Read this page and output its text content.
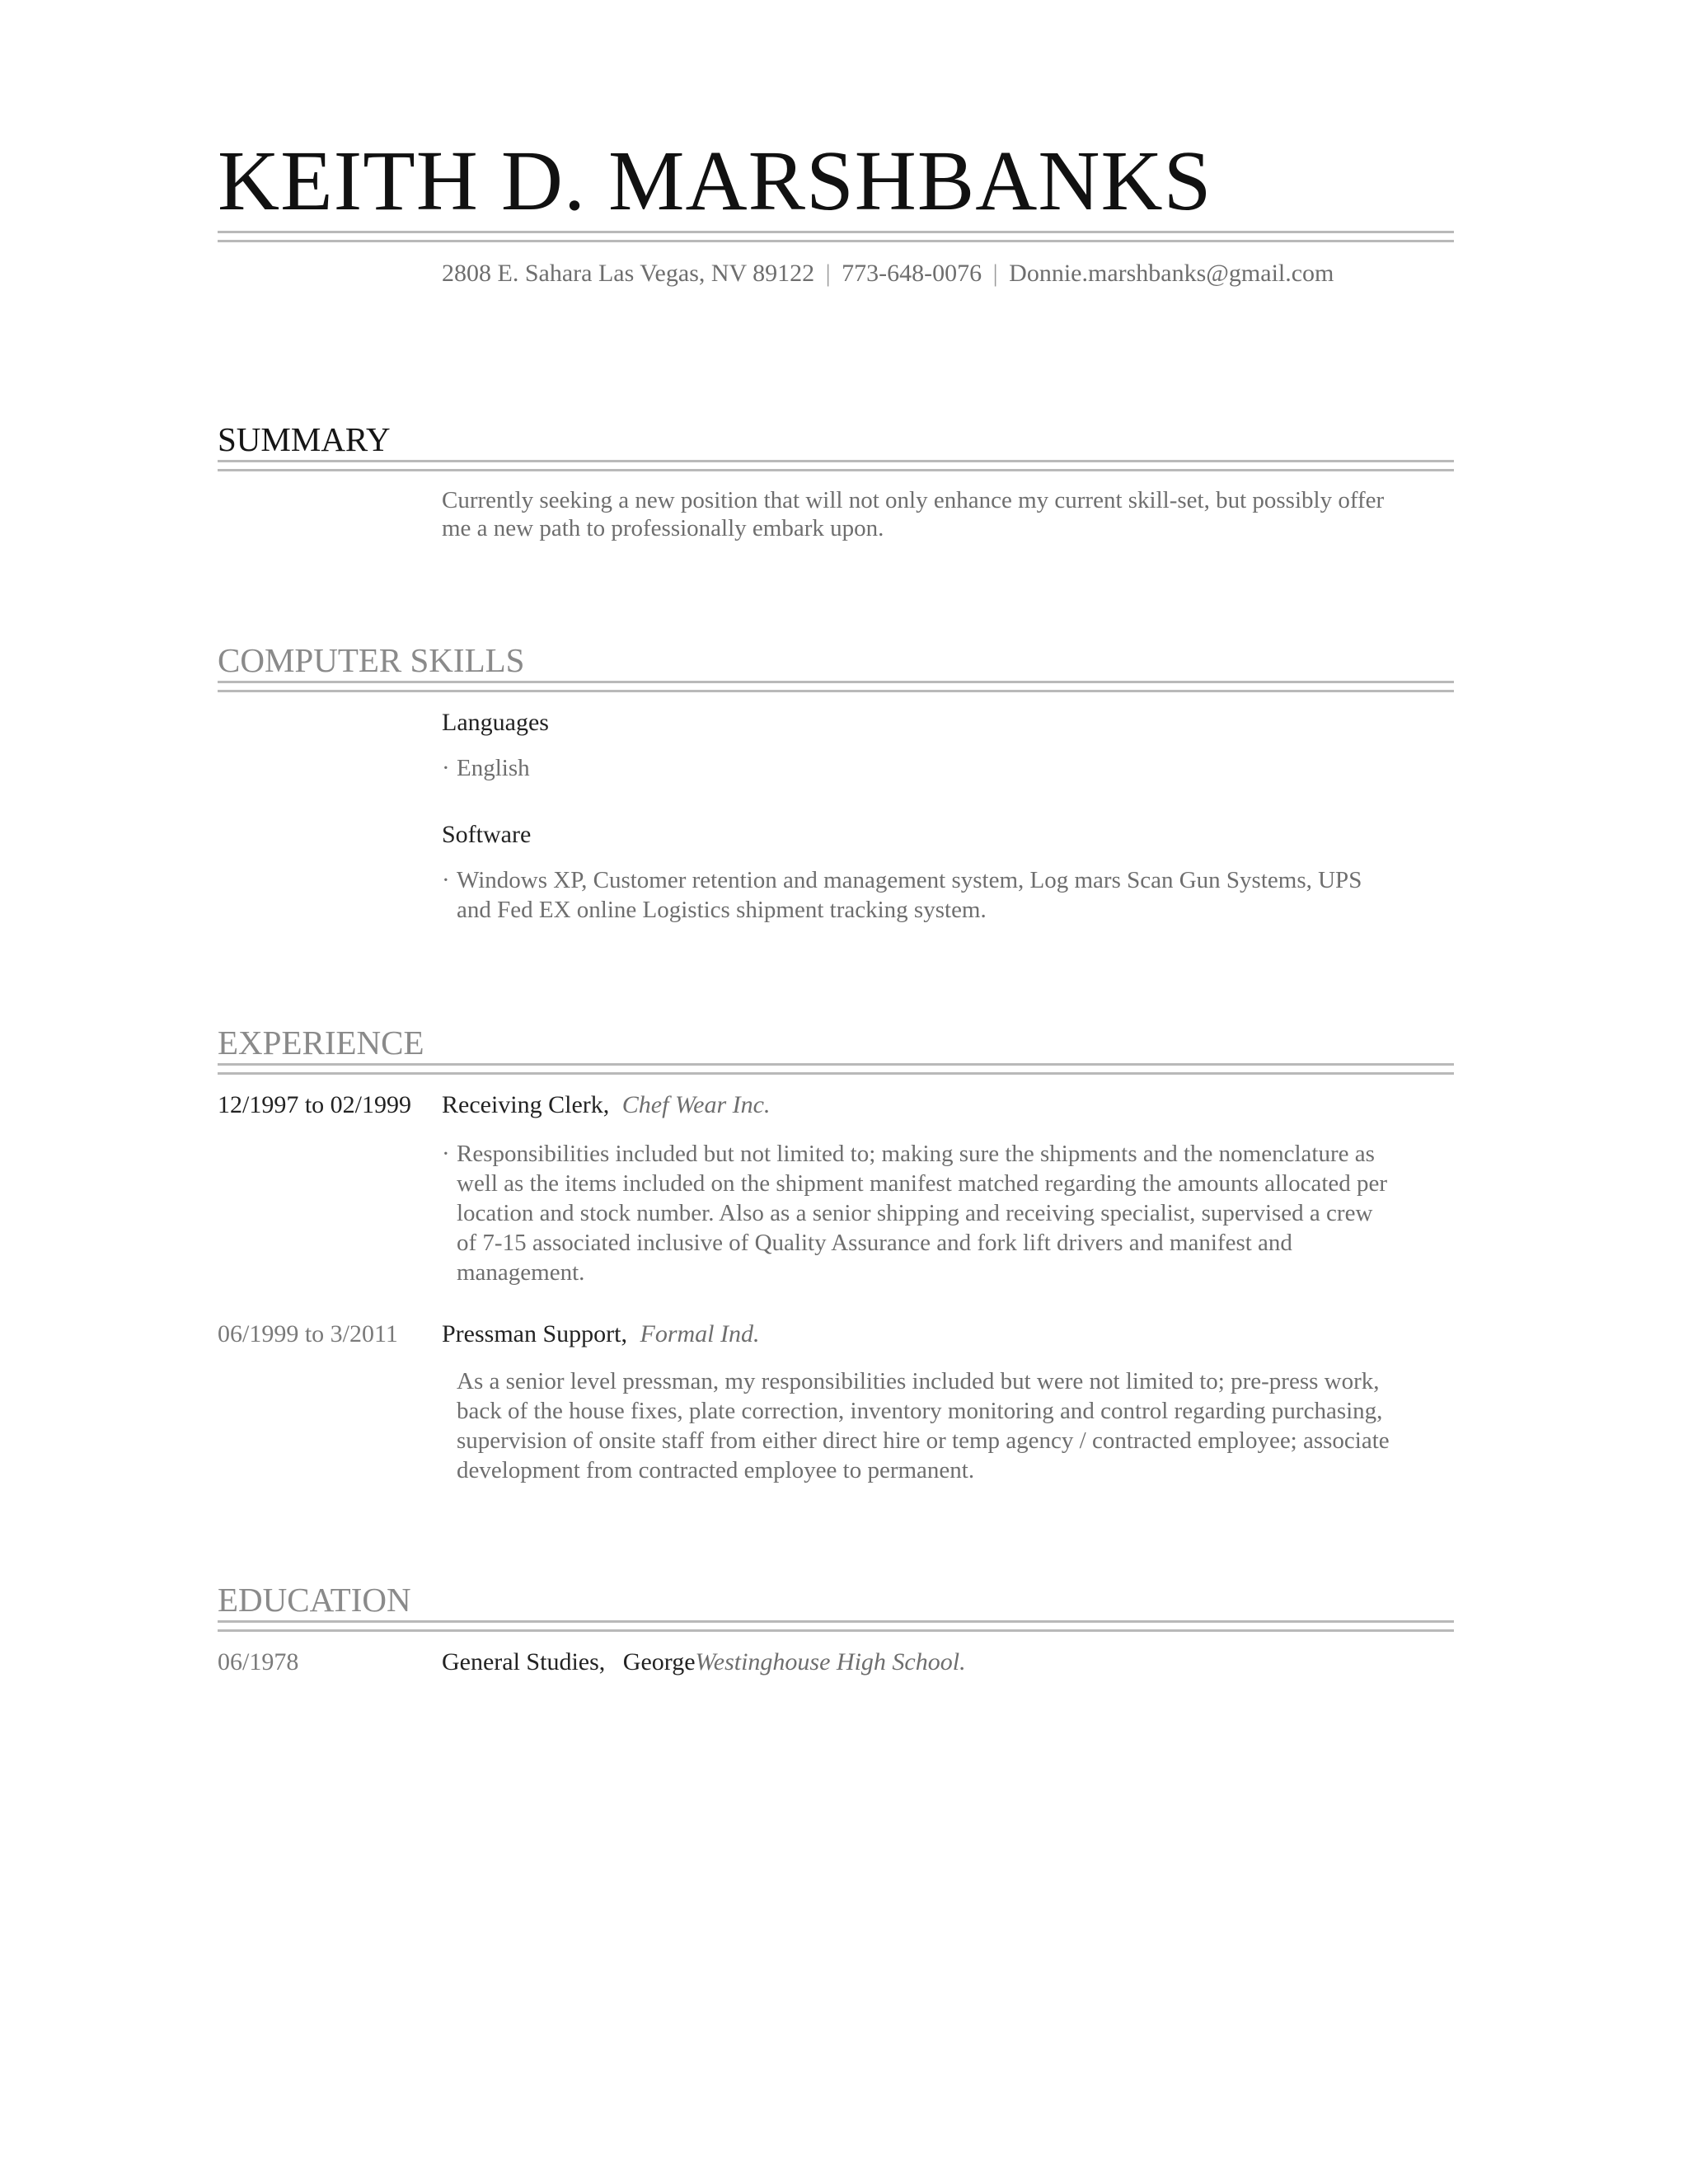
KEITH D. MARSHBANKS
2808 E. Sahara Las Vegas, NV 89122 | 773-648-0076 | Donnie.marshbanks@gmail.com
SUMMARY
Currently seeking a new position that will not only enhance my current skill-set, but possibly offer me a new path to professionally embark upon.
COMPUTER SKILLS
Languages
· English
Software
· Windows XP, Customer retention and management system, Log mars Scan Gun Systems, UPS and Fed EX online Logistics shipment tracking system.
EXPERIENCE
12/1997 to 02/1999 Receiving Clerk, Chef Wear Inc.
· Responsibilities included but not limited to; making sure the shipments and the nomenclature as well as the items included on the shipment manifest matched regarding the amounts allocated per location and stock number. Also as a senior shipping and receiving specialist, supervised a crew of 7-15 associated inclusive of Quality Assurance and fork lift drivers and manifest and management.
06/1999 to 3/2011 Pressman Support, Formal Ind.
As a senior level pressman, my responsibilities included but were not limited to; pre-press work, back of the house fixes, plate correction, inventory monitoring and control regarding purchasing, supervision of onsite staff from either direct hire or temp agency / contracted employee; associate development from contracted employee to permanent.
EDUCATION
06/1978	General Studies, GeorgeWestinghouse High School.
